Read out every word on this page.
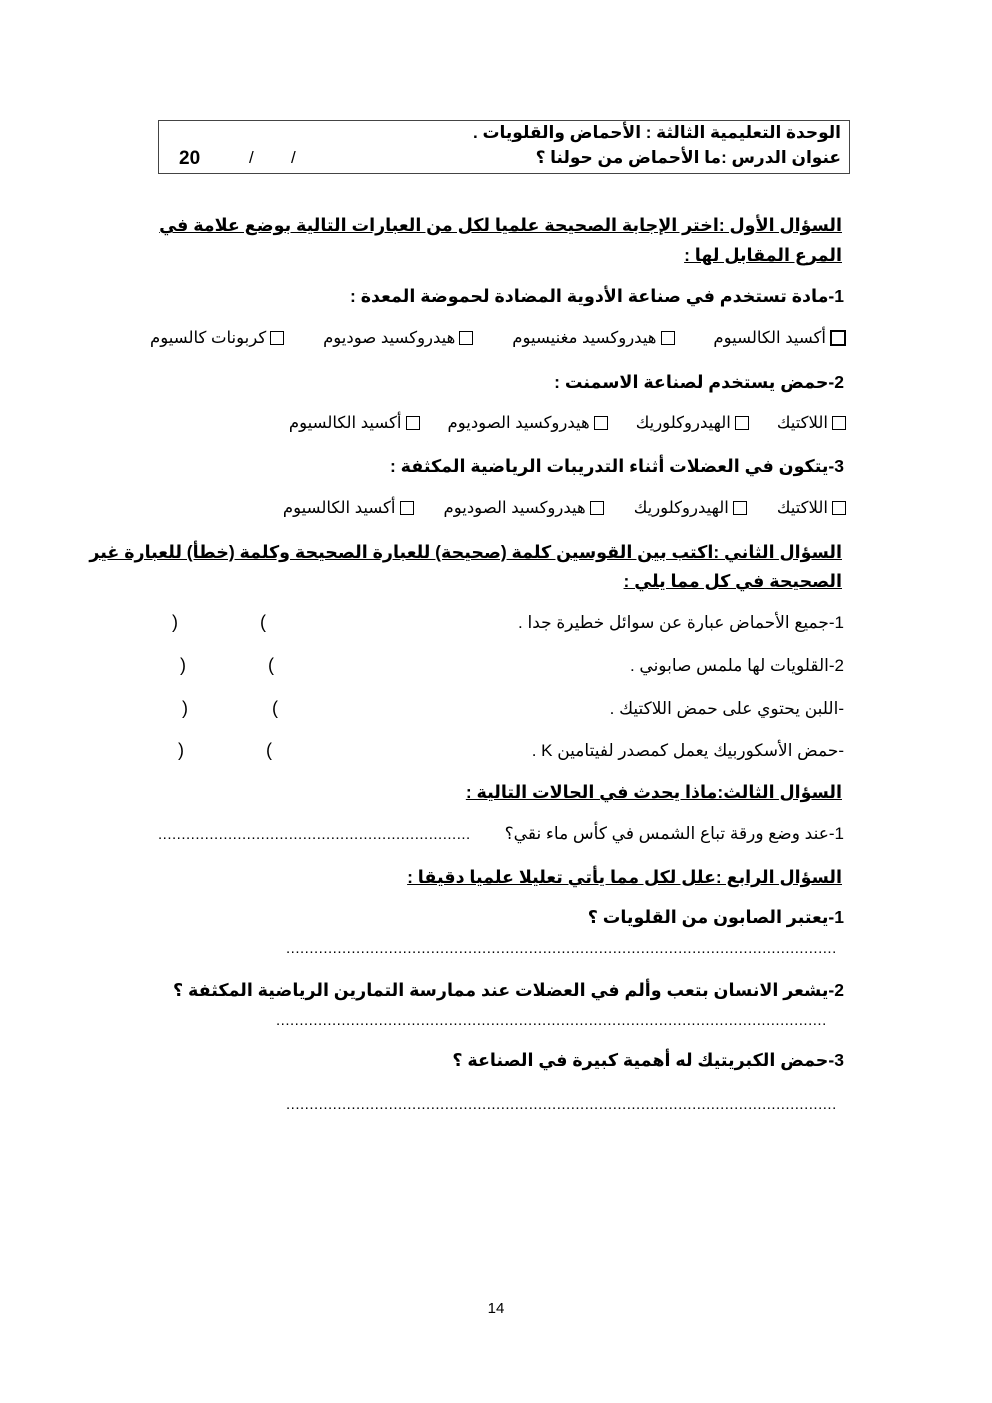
الوحدة التعليمية الثالثة : الأحماض والقلويات .
عنوان الدرس :ما الأحماض من حولنا ؟
20	/ /
السؤال الأول :اختر الإجابة الصحيحة علميا لكل من العبارات التالية بوضع علامة في المرع المقابل لها :
1-مادة تستخدم في صناعة الأدوية المضادة لحموضة المعدة :
أكسيد الكالسيوم
هيدروكسيد مغنيسيوم
هيدروكسيد صوديوم
كربونات كالسيوم
2-حمض يستخدم لصناعة الاسمنت :
اللاكتيك
الهيدروكلوريك
هيدروكسيد الصوديوم
أكسيد الكالسيوم
3-يتكون في العضلات أثناء التدريبات الرياضية المكثفة :
اللاكتيك
الهيدروكلوريك
هيدروكسيد الصوديوم
أكسيد الكالسيوم
السؤال الثاني :اكتب بين القوسين كلمة (صحيحة) للعبارة الصحيحة وكلمة (خطأ) للعبارة غير
الصحيحة في كل مما يلي :
1-جميع الأحماض عبارة عن سوائل خطيرة جدا .
(
)
2-القلويات لها ملمس صابوني .
(
)
-اللبن يحتوي على حمض اللاكتيك .
(
)
-حمض الأسكوربيك يعمل كمصدر لفيتامين K .
(
)
السؤال الثالث:ماذا يحدث في الحالات التالية :
1-عند وضع ورقة تباع الشمس في كأس ماء نقي؟
...................................................................
السؤال الرابع :علل لكل مما يأتي تعليلا علميا دقيقا :
1-يعتبر الصابون من القلويات ؟
......................................................................................................................
2-يشعر الانسان بتعب وألم في العضلات عند ممارسة التمارين الرياضية المكثفة ؟
......................................................................................................................
3-حمض الكبريتيك له أهمية كبيرة في الصناعة ؟
......................................................................................................................
14
